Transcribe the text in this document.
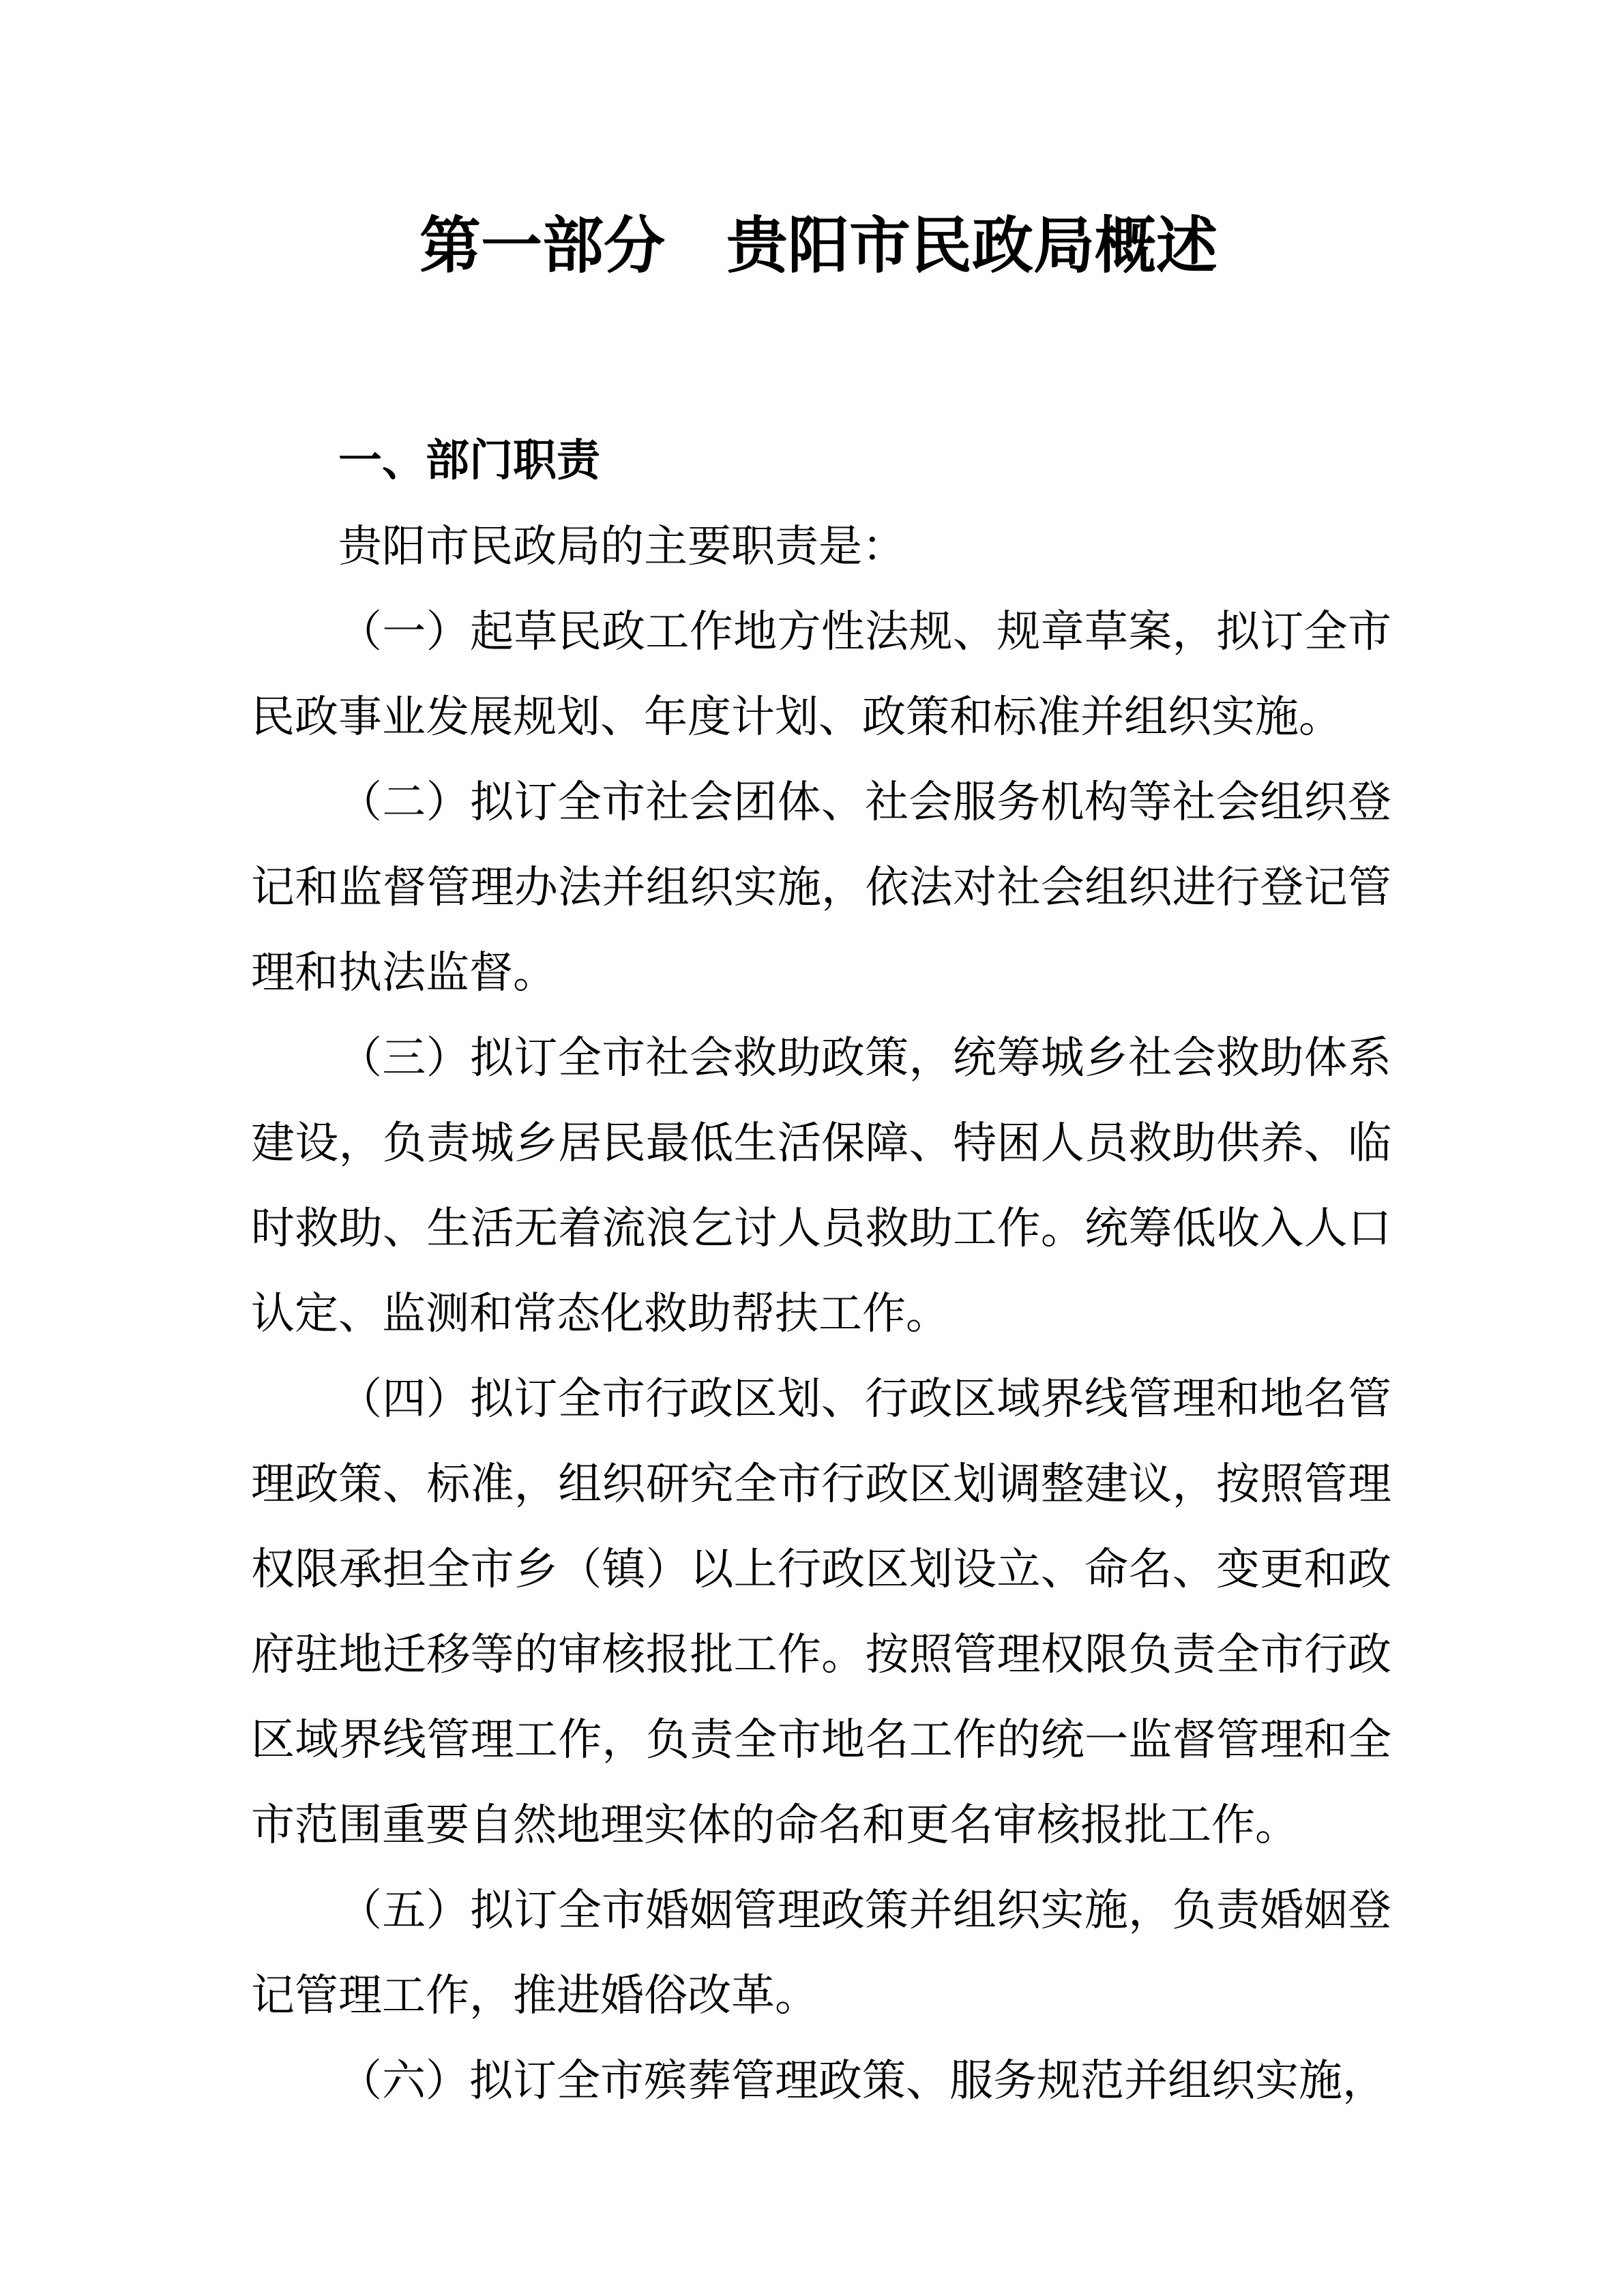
第一部分　贵阳市民政局概述
一、部门职责

贵阳市民政局的主要职责是：

（一）起草民政工作地方性法规、规章草案，拟订全市民政事业发展规划、年度计划、政策和标准并组织实施。

（二）拟订全市社会团体、社会服务机构等社会组织登记和监督管理办法并组织实施，依法对社会组织进行登记管理和执法监督。

（三）拟订全市社会救助政策，统筹城乡社会救助体系建设，负责城乡居民最低生活保障、特困人员救助供养、临时救助、生活无着流浪乞讨人员救助工作。统筹低收入人口认定、监测和常态化救助帮扶工作。

（四）拟订全市行政区划、行政区域界线管理和地名管理政策、标准，组织研究全市行政区划调整建议，按照管理权限承担全市乡（镇）以上行政区划设立、命名、变更和政府驻地迁移等的审核报批工作。按照管理权限负责全市行政区域界线管理工作，负责全市地名工作的统一监督管理和全市范围重要自然地理实体的命名和更名审核报批工作。

（五）拟订全市婚姻管理政策并组织实施，负责婚姻登记管理工作，推进婚俗改革。

（六）拟订全市殡葬管理政策、服务规范并组织实施，
